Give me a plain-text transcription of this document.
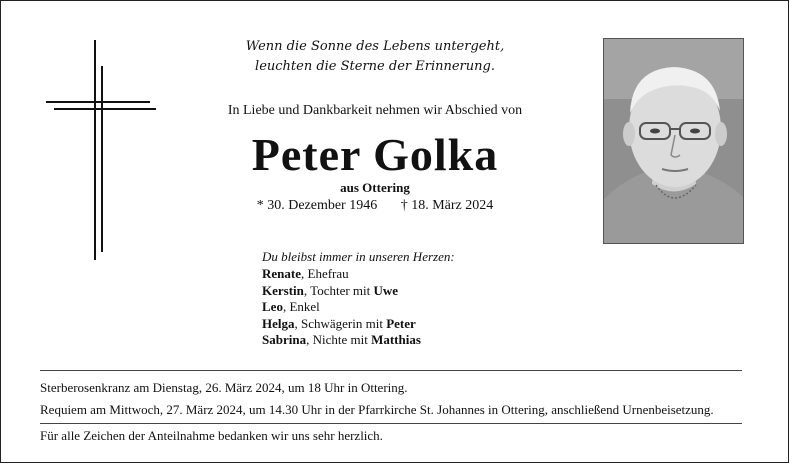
Wenn die Sonne des Lebens untergeht,
leuchten die Sterne der Erinnerung.
In Liebe und Dankbarkeit nehmen wir Abschied von
Peter Golka
aus Ottering
* 30. Dezember 1946 † 18. März 2024
Du bleibst immer in unseren Herzen:
Renate, Ehefrau
Kerstin, Tochter mit Uwe
Leo, Enkel
Helga, Schwägerin mit Peter
Sabrina, Nichte mit Matthias
Sterberosenkranz am Dienstag, 26. März 2024, um 18 Uhr in Ottering.
Requiem am Mittwoch, 27. März 2024, um 14.30 Uhr in der Pfarrkirche St. Johannes in Ottering, anschließend Urnenbeisetzung.
Für alle Zeichen der Anteilnahme bedanken wir uns sehr herzlich.
